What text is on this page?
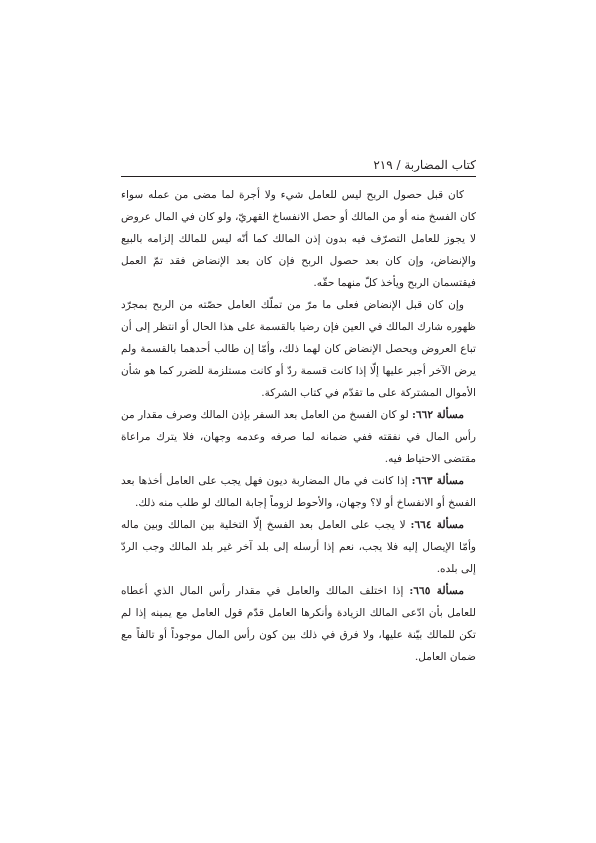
كتاب المضاربة / ٢١٩

كان قبل حصول الربح ليس للعامل شيء ولا أجرة لما مضى من عمله سواء كان الفسخ منه أو من المالك أو حصل الانفساخ القهريّ، ولو كان في المال عروض لا يجوز للعامل التصرّف فيه بدون إذن المالك كما أنّه ليس للمالك إلزامه بالبيع والإنضاض، وإن كان بعد حصول الربح فإن كان بعد الإنضاض فقد تمّ العمل فيقتسمان الربح ويأخذ كلّ منهما حقّه.

وإن كان قبل الإنضاض فعلى ما مرّ من تملّك العامل حصّته من الربح بمجرّد ظهوره شارك المالك في العين فإن رضيا بالقسمة على هذا الحال أو انتظر إلى أن تباع العروض ويحصل الإنضاض كان لهما ذلك، وأمّا إن طالب أحدهما بالقسمة ولم يرض الآخر أجبر عليها إلّا إذا كانت قسمة ردّ أو كانت مستلزمة للضرر كما هو شأن الأموال المشتركة على ما تقدّم في كتاب الشركة.

مسألة ٦٦٢: لو كان الفسخ من العامل بعد السفر بإذن المالك وصرف مقدار من رأس المال في نفقته ففي ضمانه لما صرفه وعدمه وجهان، فلا يترك مراعاة مقتضى الاحتياط فيه.

مسألة ٦٦٣: إذا كانت في مال المضاربة ديون فهل يجب على العامل أخذها بعد الفسخ أو الانفساخ أو لا؟ وجهان، والأحوط لزوماً إجابة المالك لو طلب منه ذلك.

مسألة ٦٦٤: لا يجب على العامل بعد الفسخ إلّا التخلية بين المالك وبين ماله وأمّا الإيصال إليه فلا يجب، نعم إذا أرسله إلى بلد آخر غير بلد المالك وجب الردّ إلى بلده.

مسألة ٦٦٥: إذا اختلف المالك والعامل في مقدار رأس المال الذي أعطاه للعامل بأن ادّعى المالك الزيادة وأنكرها العامل قدّم قول العامل مع يمينه إذا لم تكن للمالك بيّنة عليها، ولا فرق في ذلك بين كون رأس المال موجوداً أو تالفاً مع ضمان العامل.
